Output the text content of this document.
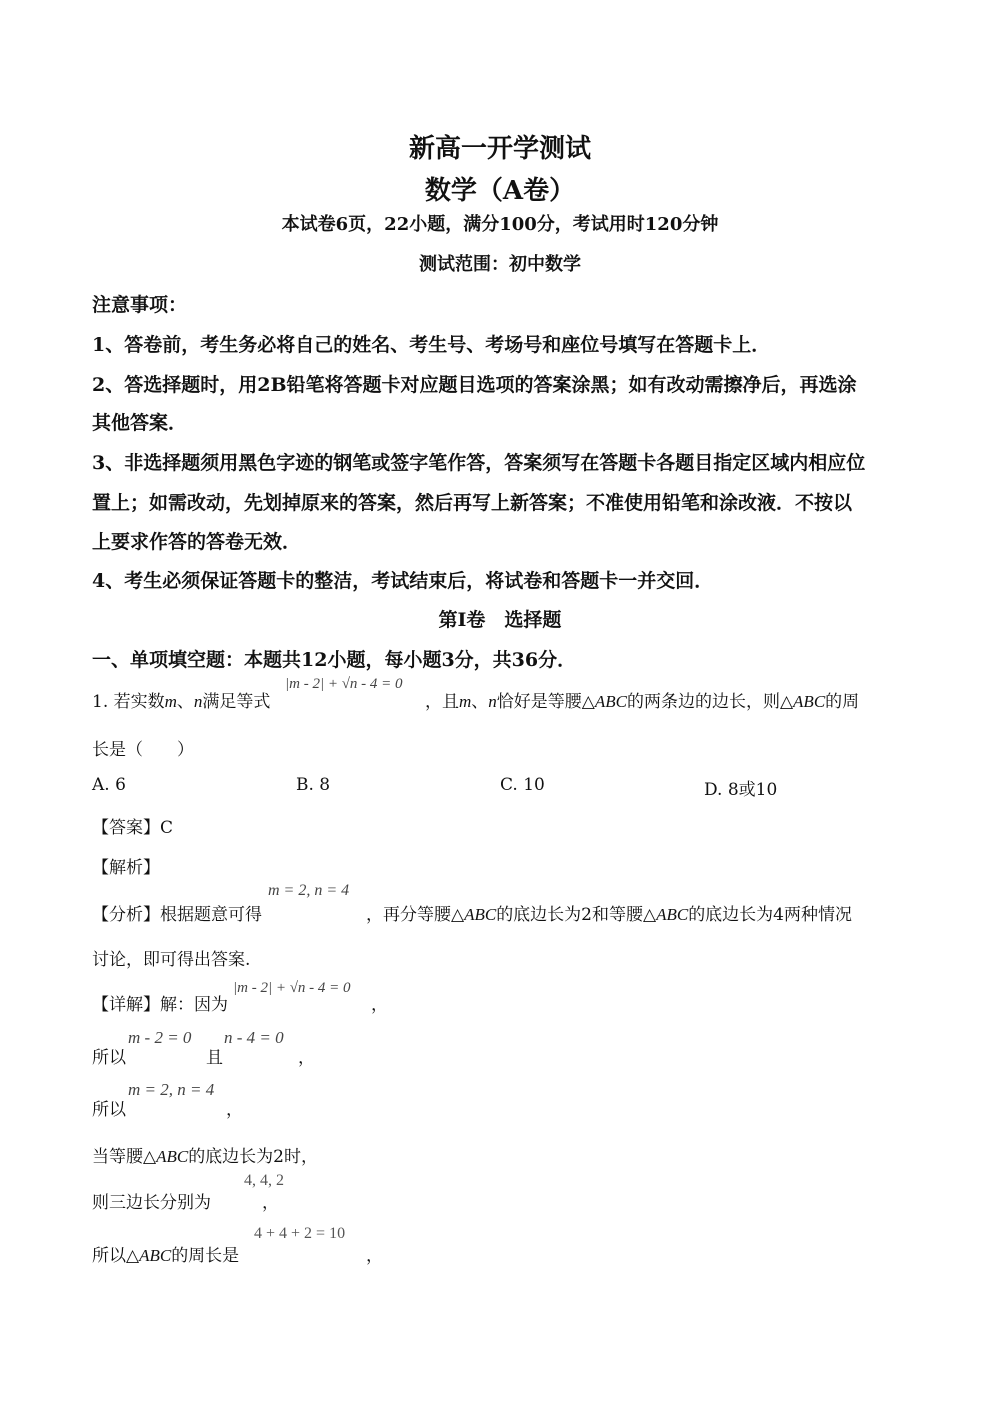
新高一开学测试
数学（A卷）
本试卷6页，22小题，满分100分，考试用时120分钟
测试范围：初中数学
注意事项：
1、答卷前，考生务必将自己的姓名、考生号、考场号和座位号填写在答题卡上．
2、答选择题时，用2B铅笔将答题卡对应题目选项的答案涂黑；如有改动需擦净后，再选涂
其他答案．
3、非选择题须用黑色字迹的钢笔或签字笔作答，答案须写在答题卡各题目指定区域内相应位
置上；如需改动，先划掉原来的答案，然后再写上新答案；不准使用铅笔和涂改液．不按以
上要求作答的答卷无效．
4、考生必须保证答题卡的整洁，考试结束后，将试卷和答题卡一并交回．
第Ⅰ卷　选择题
一、单项填空题：本题共12小题，每小题3分，共36分．
1. 若实数m、n满足等式
|m - 2| + √n - 4 = 0
，且m、n恰好是等腰△ABC的两条边的边长，则△ABC的周
长是（　　）
A. 6	B. 8	C. 10	D. 8或10
【答案】C
【解析】
【分析】根据题意可得
m = 2, n = 4
，再分等腰△ABC的底边长为2和等腰△ABC的底边长为4两种情况
讨论，即可得出答案.
【详解】解：因为
|m - 2| + √n - 4 = 0
，
m - 2 = 0
所以	且
n - 4 = 0
，
m = 2, n = 4
所以	，
当等腰△ABC的底边长为2时，
4, 4, 2
则三边长分别为	，
4 + 4 + 2 = 10
所以△ABC的周长是	，
